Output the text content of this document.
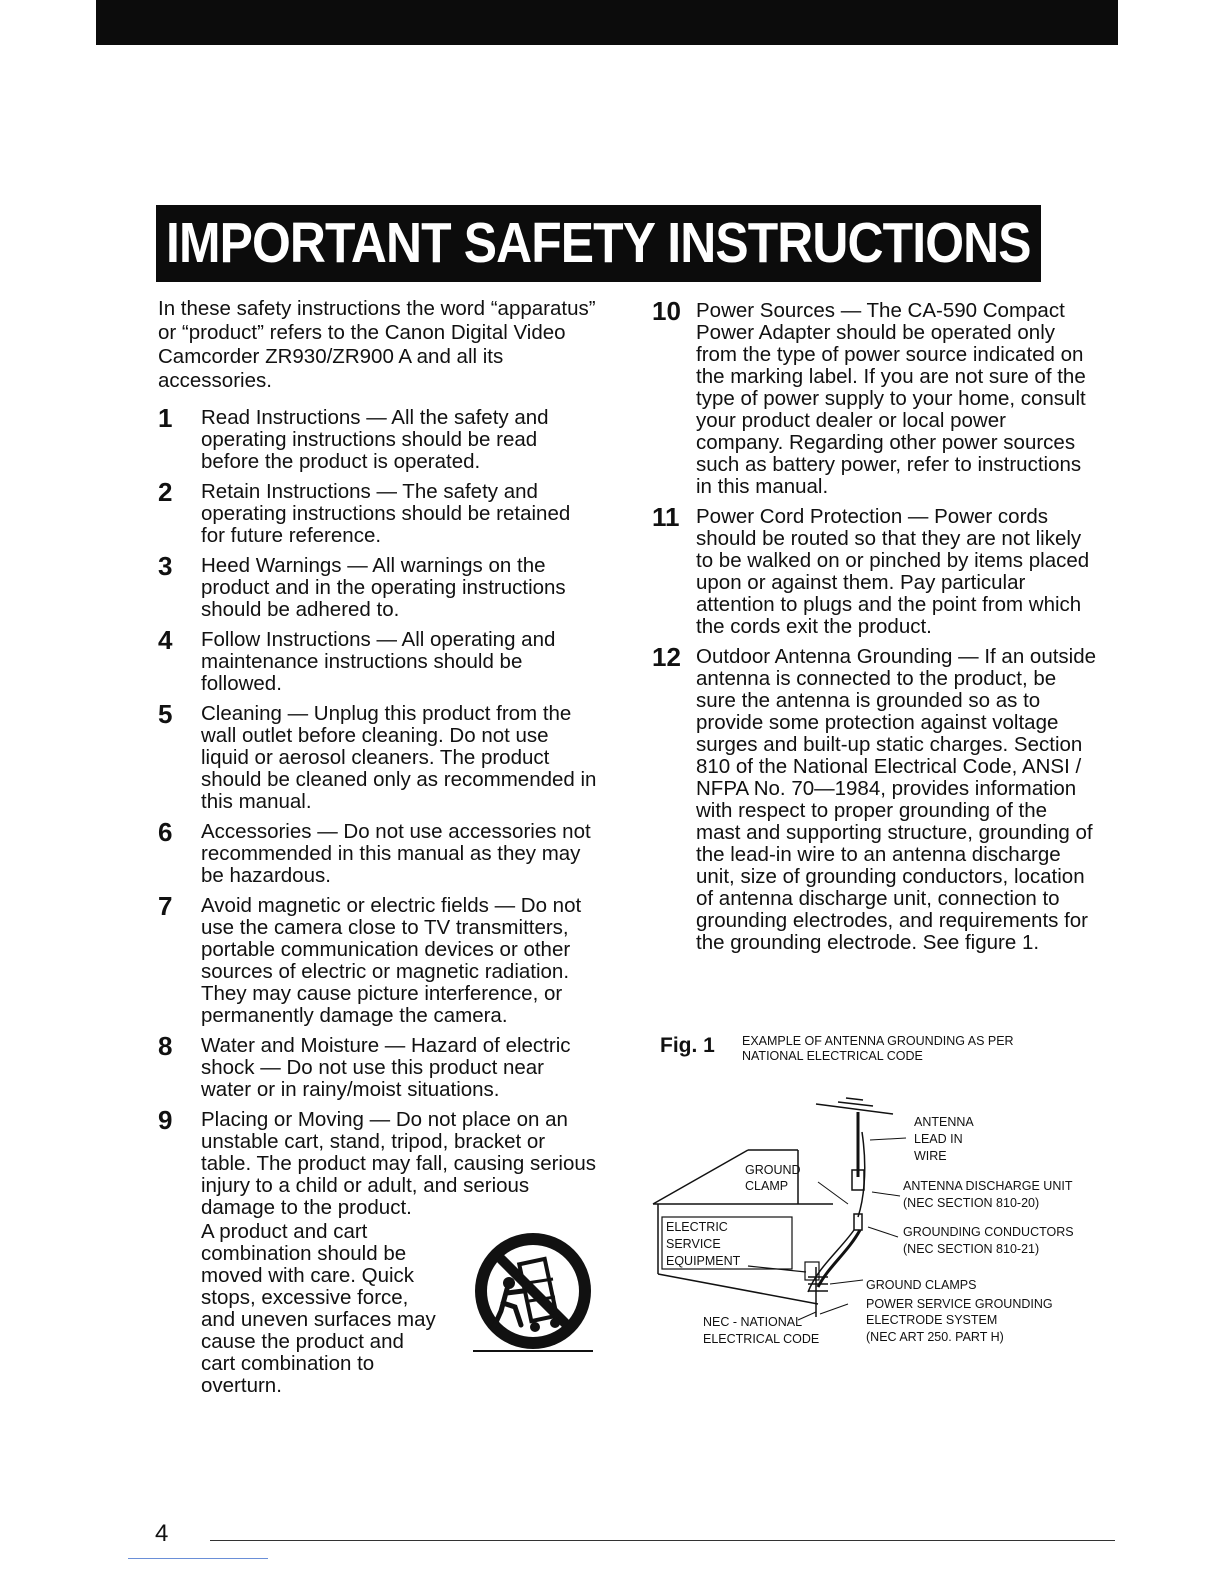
IMPORTANT SAFETY INSTRUCTIONS

In these safety instructions the word “apparatus” or “product” refers to the Canon Digital Video Camcorder ZR930/ZR900 A and all its accessories.

1 Read Instructions — All the safety and operating instructions should be read before the product is operated.
2 Retain Instructions — The safety and operating instructions should be retained for future reference.
3 Heed Warnings — All warnings on the product and in the operating instructions should be adhered to.
4 Follow Instructions — All operating and maintenance instructions should be followed.
5 Cleaning — Unplug this product from the wall outlet before cleaning. Do not use liquid or aerosol cleaners. The product should be cleaned only as recommended in this manual.
6 Accessories — Do not use accessories not recommended in this manual as they may be hazardous.
7 Avoid magnetic or electric fields — Do not use the camera close to TV transmitters, portable communication devices or other sources of electric or magnetic radiation. They may cause picture interference, or permanently damage the camera.
8 Water and Moisture — Hazard of electric shock — Do not use this product near water or in rainy/moist situations.
9 Placing or Moving — Do not place on an unstable cart, stand, tripod, bracket or table. The product may fall, causing serious injury to a child or adult, and serious damage to the product.
A product and cart combination should be moved with care. Quick stops, excessive force, and uneven surfaces may cause the product and cart combination to overturn.
10 Power Sources — The CA-590 Compact Power Adapter should be operated only from the type of power source indicated on the marking label. If you are not sure of the type of power supply to your home, consult your product dealer or local power company. Regarding other power sources such as battery power, refer to instructions in this manual.
11 Power Cord Protection — Power cords should be routed so that they are not likely to be walked on or pinched by items placed upon or against them. Pay particular attention to plugs and the point from which the cords exit the product.
12 Outdoor Antenna Grounding — If an outside antenna is connected to the product, be sure the antenna is grounded so as to provide some protection against voltage surges and built-up static charges. Section 810 of the National Electrical Code, ANSI / NFPA No. 70—1984, provides information with respect to proper grounding of the mast and supporting structure, grounding of the lead-in wire to an antenna discharge unit, size of grounding conductors, location of antenna discharge unit, connection to grounding electrodes, and requirements for the grounding electrode. See figure 1.
Fig. 1 EXAMPLE OF ANTENNA GROUNDING AS PER
NATIONAL ELECTRICAL CODE
ANTENNA
LEAD IN
WIRE
GROUND
CLAMP	ANTENNA DISCHARGE UNIT
(NEC SECTION 810-20)
ELECTRIC
SERVICE
EQUIPMENT
GROUNDING CONDUCTORS
(NEC SECTION 810-21)
GROUND CLAMPS
POWER SERVICE GROUNDING
ELECTRODE SYSTEM
(NEC ART 250. PART H)
NEC - NATIONAL
ELECTRICAL CODE
4
